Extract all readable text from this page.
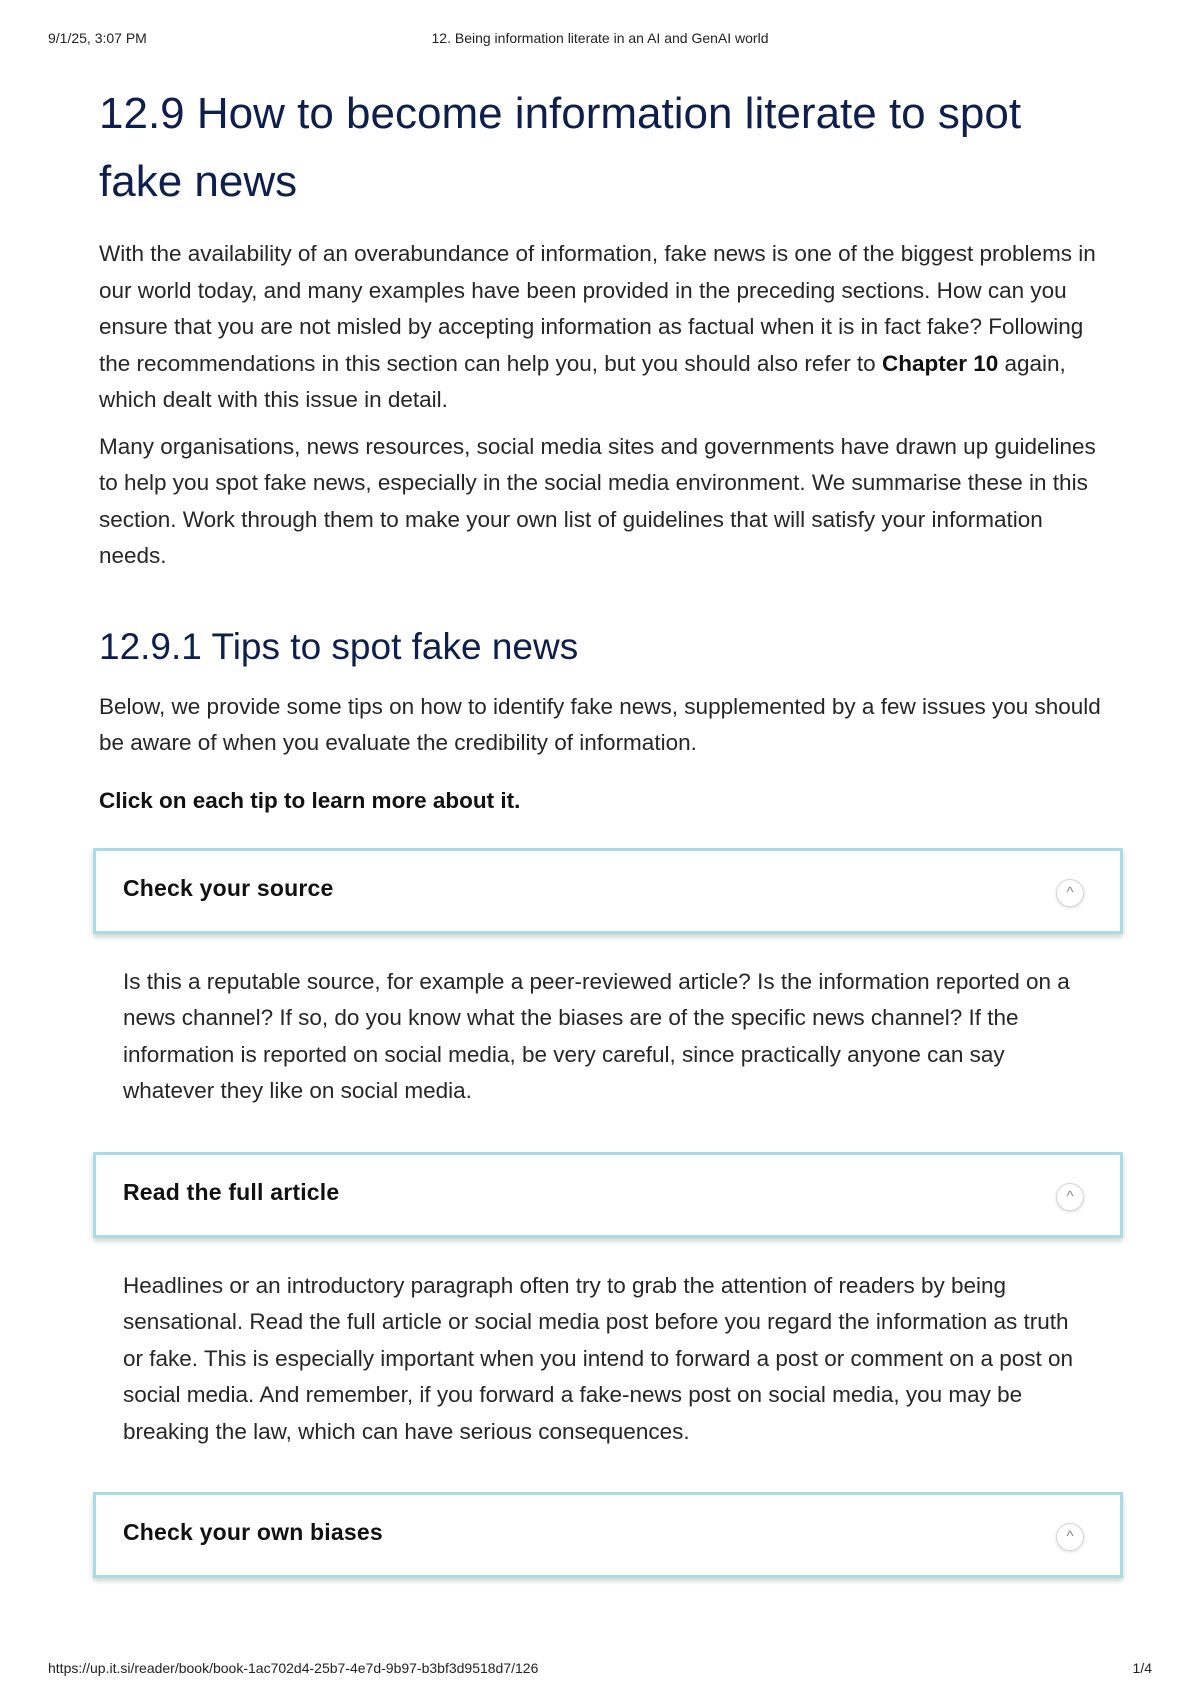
9/1/25, 3:07 PM	12. Being information literate in an AI and GenAI world
12.9 How to become information literate to spot
fake news

With the availability of an overabundance of information, fake news is one of the biggest problems in our world today, and many examples have been provided in the preceding sections. How can you ensure that you are not misled by accepting information as factual when it is in fact fake? Following the recommendations in this section can help you, but you should also refer to Chapter 10 again, which dealt with this issue in detail.

Many organisations, news resources, social media sites and governments have drawn up guidelines to help you spot fake news, especially in the social media environment. We summarise these in this section. Work through them to make your own list of guidelines that will satisfy your information needs.

12.9.1 Tips to spot fake news

Below, we provide some tips on how to identify fake news, supplemented by a few issues you should be aware of when you evaluate the credibility of information.

Click on each tip to learn more about it.

Check your source	^

Is this a reputable source, for example a peer-reviewed article? Is the information reported on a news channel? If so, do you know what the biases are of the specific news channel? If the information is reported on social media, be very careful, since practically anyone can say whatever they like on social media.

Read the full article	^

Headlines or an introductory paragraph often try to grab the attention of readers by being sensational. Read the full article or social media post before you regard the information as truth or fake. This is especially important when you intend to forward a post or comment on a post on social media. And remember, if you forward a fake-news post on social media, you may be breaking the law, which can have serious consequences.

Check your own biases	^
https://up.it.si/reader/book/book-1ac702d4-25b7-4e7d-9b97-b3bf3d9518d7/126	1/4
